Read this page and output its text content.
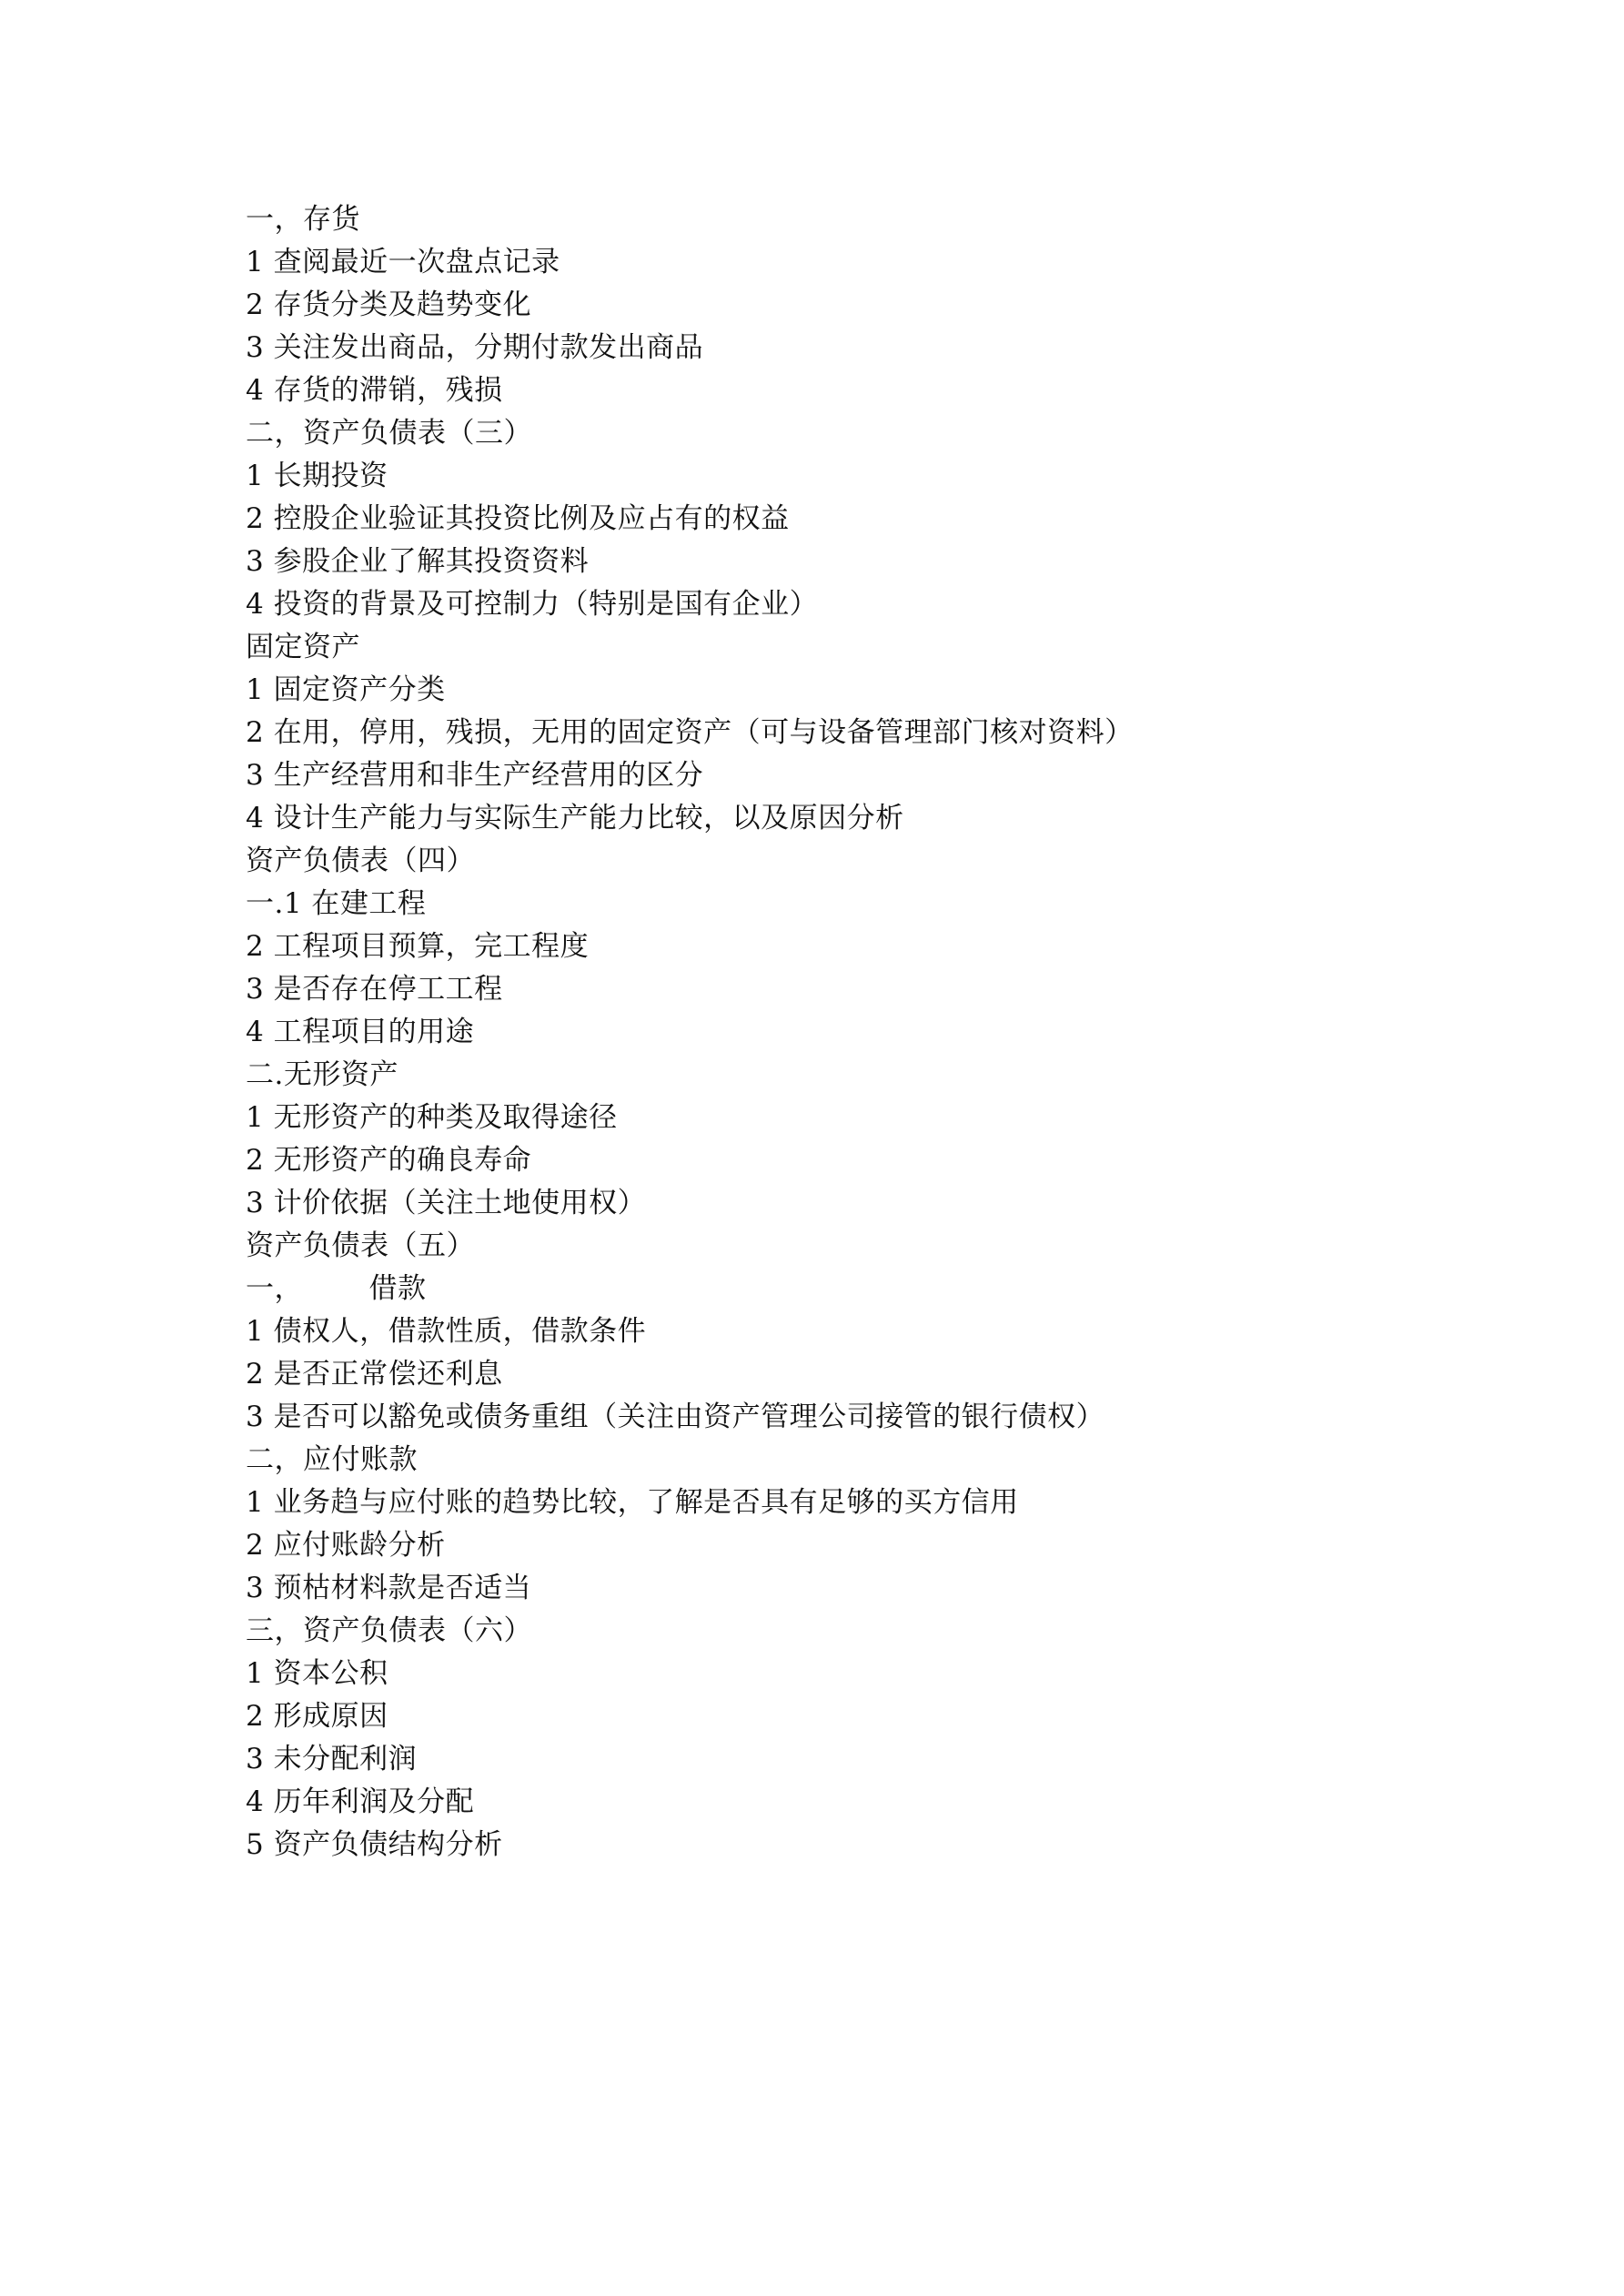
一，存货
1 查阅最近一次盘点记录
2 存货分类及趋势变化
3 关注发出商品，分期付款发出商品
4 存货的滞销，残损
二，资产负债表（三）
1 长期投资
2 控股企业验证其投资比例及应占有的权益
3 参股企业了解其投资资料
4 投资的背景及可控制力（特别是国有企业）
固定资产
1 固定资产分类
2 在用，停用，残损，无用的固定资产（可与设备管理部门核对资料）
3 生产经营用和非生产经营用的区分
4 设计生产能力与实际生产能力比较，以及原因分析
资产负债表（四）
一.1 在建工程
2 工程项目预算，完工程度
3 是否存在停工工程
4 工程项目的用途
二.无形资产
1 无形资产的种类及取得途径
2 无形资产的确良寿命
3 计价依据（关注土地使用权）
资产负债表（五）
一，       借款
1 债权人，借款性质，借款条件
2 是否正常偿还利息
3 是否可以豁免或债务重组（关注由资产管理公司接管的银行债权）
二，应付账款
1 业务趋与应付账的趋势比较，了解是否具有足够的买方信用
2 应付账龄分析
3 预枯材料款是否适当
三，资产负债表（六）
1 资本公积
2 形成原因
3 未分配利润
4 历年利润及分配
5 资产负债结构分析
